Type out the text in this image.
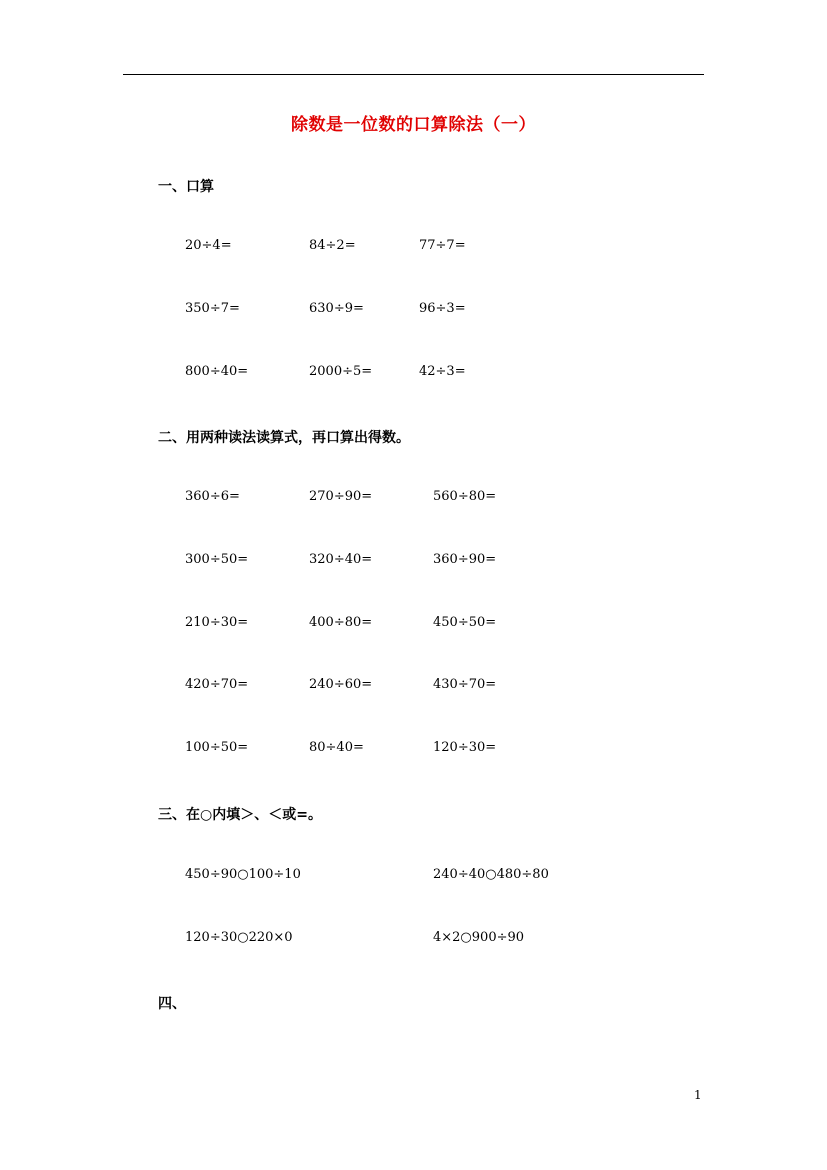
除数是一位数的口算除法（一）
一、口算
20÷4=	84÷2=	77÷7=
350÷7=	630÷9=	96÷3=
800÷40=	2000÷5=	42÷3=
二、用两种读法读算式，再口算出得数。
360÷6=	270÷90=	560÷80=
300÷50=	320÷40=	360÷90=
210÷30=	400÷80=	450÷50=
420÷70=	240÷60=	430÷70=
100÷50=	80÷40=	120÷30=
三、在○内填＞、＜或=。
450÷90○100÷10	240÷40○480÷80
120÷30○220×0	4×2○900÷90
四、
1
